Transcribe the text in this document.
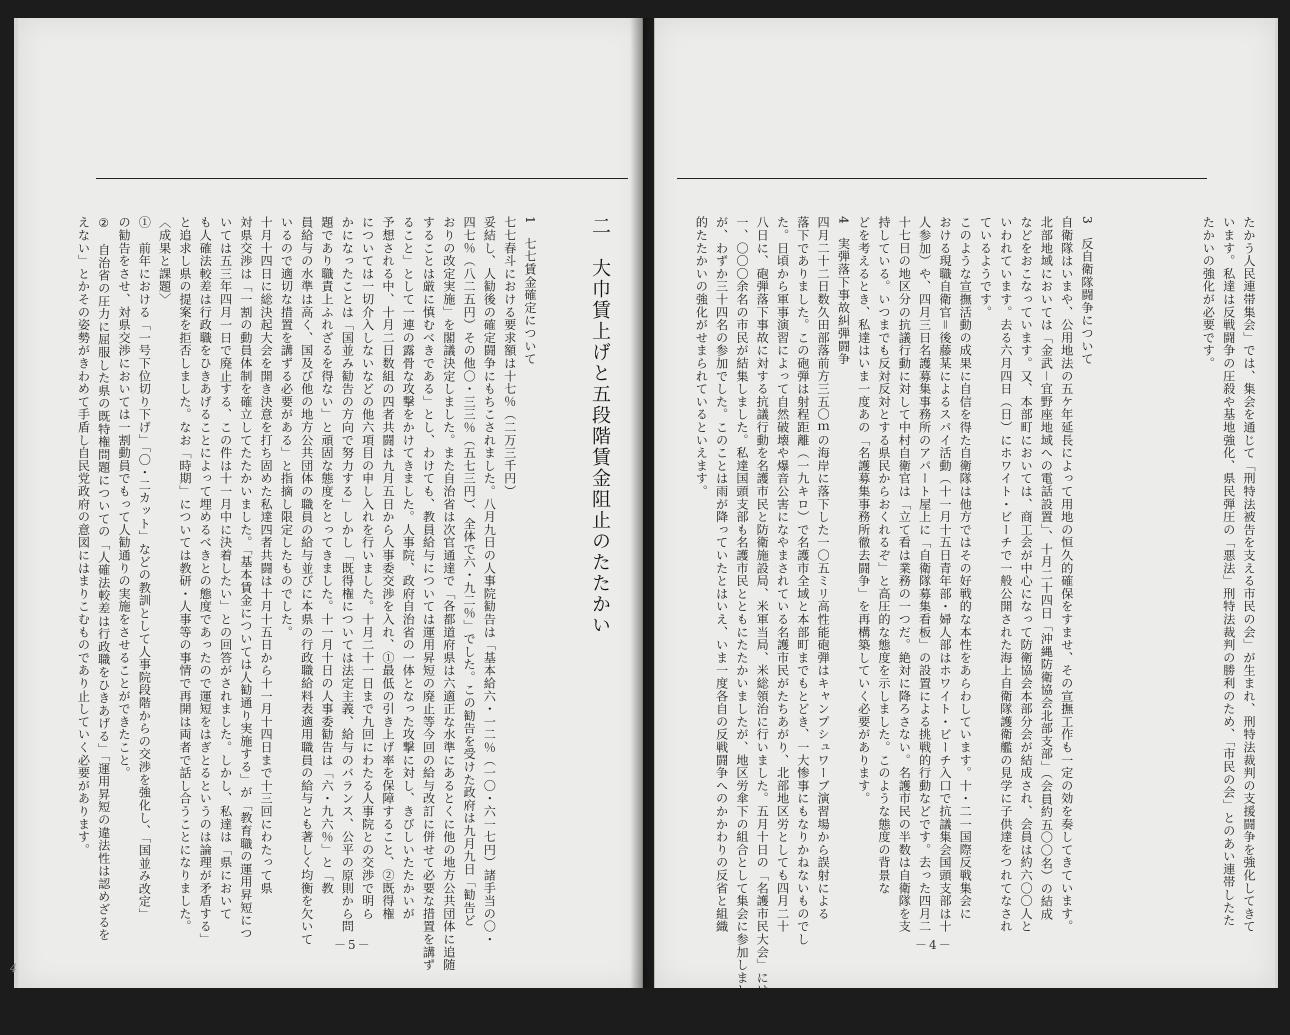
二　大巾賃上げと五段階賃金阻止のたたかい
1　七七賃金確定について
七七春斗における要求額は十七％（二万三千円）
妥結し、人勧後の確定闘争にもちこされました。八月九日の人事院勧告は「基本給六・一二％（一〇・六一七円）諸手当の〇・
四七％（八二五円）その他〇・三三％（五七三円）、全体で六・九二％」でした。この勧告を受けた政府は九月九日「勧告ど
おりの改定実施」を閣議決定しました。また自治省は次官通達で「各都道府県は六適正な水準にあるとくに他の地方公共団体に追随
することは厳に慎むべきである」とし、わけても、教員給与については運用昇短の廃止等今回の給与改訂に併せて必要な措置を講ず
ること」として一連の露骨な攻撃をかけてきました。人事院、政府自治省の一体となった攻撃に対し、きびしいたたかいが
予想される中、十月二日数組の四者共闘は九月五日から人事委交渉を入れ、①最低の引き上げ率を保障すること、②既得権
については一切介入しないなどの他六項目の申し入れを行いました。十月二十一日まで九回にわたる人事院との交渉で明ら
かになったことは「国並み勧告の方向で努力する」しかし「既得権については法定主義、給与のバランス、公平の原則から問
題であり職責上ふれざるを得ない」と頑固な態度をとってきました。十一月十日の人事委勧告は「六・九六％」と「教
員給与の水準は高く、国及び他の地方公共団体の職員の給与並びに本県の行政職給料表適用職員の給与とも著しく均衡を欠いて
いるので適切な措置を講ずる必要がある」と指摘し限定したものでした。
十月十四日に総決起大会を開き決意を打ち固めた私達四者共闘は十月十五日から十一月十四日まで十三回にわたって県
対県交渉は「一割の動員体制を確立してたたかいました。「基本賃金については人勧通り実施する」が「教育職の運用昇短につ
いては五三年四月一日で廃止する、この件は十一月中に決着したい」との回答がされました。しかし、私達は「県において
も人確法較差は行政職をひきあげることによって埋めるべきとの態度であったので運短をはぎとるというのは論理が矛盾する」
と追求し県の提案を拒否しました。なお「時期」については教研・人事等の事情で再開は両者で話し合うことになりました。
〈成果と課題〉
①　前年における「一号下位切り下げ」「〇・二カット」などの教訓として人事院段階からの交渉を強化し、「国並み改定」
の勧告をさせ、対県交渉においては一割動員でもって人勧通りの実施をさせることができたこと。
②　自治省の圧力に屈服した県の既特権問題についての「人確法較差は行政職をひきあげる」「運用昇短の違法性は認めざるを
えない」とかその姿勢がきわめて手盾し自民党政府の意図にはまりこむものであり止していく必要があります。
－5－
たかう人民連帯集会」では、集会を通じて「刑特法被告を支える市民の会」が生まれ、刑特法裁判の支援闘争を強化してきて
います。私達は反戦闘争の圧殺や基地強化、県民弾圧の「悪法」刑特法裁判の勝利のため、「市民の会」とのあい連帯したた
たかいの強化が必要です。
3　反自衛隊闘争について
自衛隊はいまや、公用地法の五ケ年延長によって用地の恒久的確保をすませ、その宣撫工作も一定の効を奏してきています。
北部地域においては「金武－宜野座地域への電話設置」、十月二十四日「沖縄防衛協会北部支部」（会員約五〇〇名）の結成
などをおこなっています。又、本部町においては、商工会が中心になって防衛協会本部分会が結成され、会員は約六〇〇人と
いわれています。去る六月四日（日）にホワイト・ビーチで一般公開された海上自衛隊護衛艦の見学に子供達をつれてなされ
ているようです。
このような宣撫活動の成果に自信を得た自衛隊は他方ではその好戦的な本性をあらわしています。十・二一国際反戦集会に
おける現職自衛官＝後藤某によるスパイ活動（十一月十五日青年部・婦人部はホワイト・ビーチ入口で抗議集会国頭支部は十
人参加）や、四月三日名護募集事務所のアパート屋上に「自衛隊募集看板」の設置による挑戦的行動などです。去った四月二
十七日の地区分の抗議行動に対して中村自衛官は「立て看は業務の一つだ。絶対に降ろさない。名護市民の半数は自衛隊を支
持している。いつまでも反対反対とする県民からおくれるぞ」と高圧的な態度を示しました。このような態度の背景な
どを考えるとき、私達はいま一度あの「名護募集事務所徹去闘争」を再構築していく必要があります。
4　実弾落下事故糾弾闘争
四月二十二日数久田部落前方三五〇ｍの海岸に落下した一〇五ミリ高性能砲弾はキャンプシュワーブ演習場から誤射による
落下でありました。この砲弾は射程距離（一九キロ）で名護市全域と本部町までもとどき、一大惨事にもなりかねないものでし
た。日頃から軍事演習によって自然破壊や爆音公害になやまされている名護市民がたちあがり、北部地区労としても四月二十
八日に、砲弾落下事故に対する抗議行動を名護市民と防衛施設局、米軍当局、米総領治に行いました。五月十日の「名護市民大会」には
一、〇〇〇余名の市民が結集しました。私達国頭支部も名護市民とともにたたかいましたが、地区労傘下の組合として集会に参加しましたが、
が、わずか三十四名の参加でした。このことは雨が降っていたとはいえ、いま一度各自の反戦闘争へのかかわりの反省と組織
的たたかいの強化がせまられているといえます。
－4－
4
